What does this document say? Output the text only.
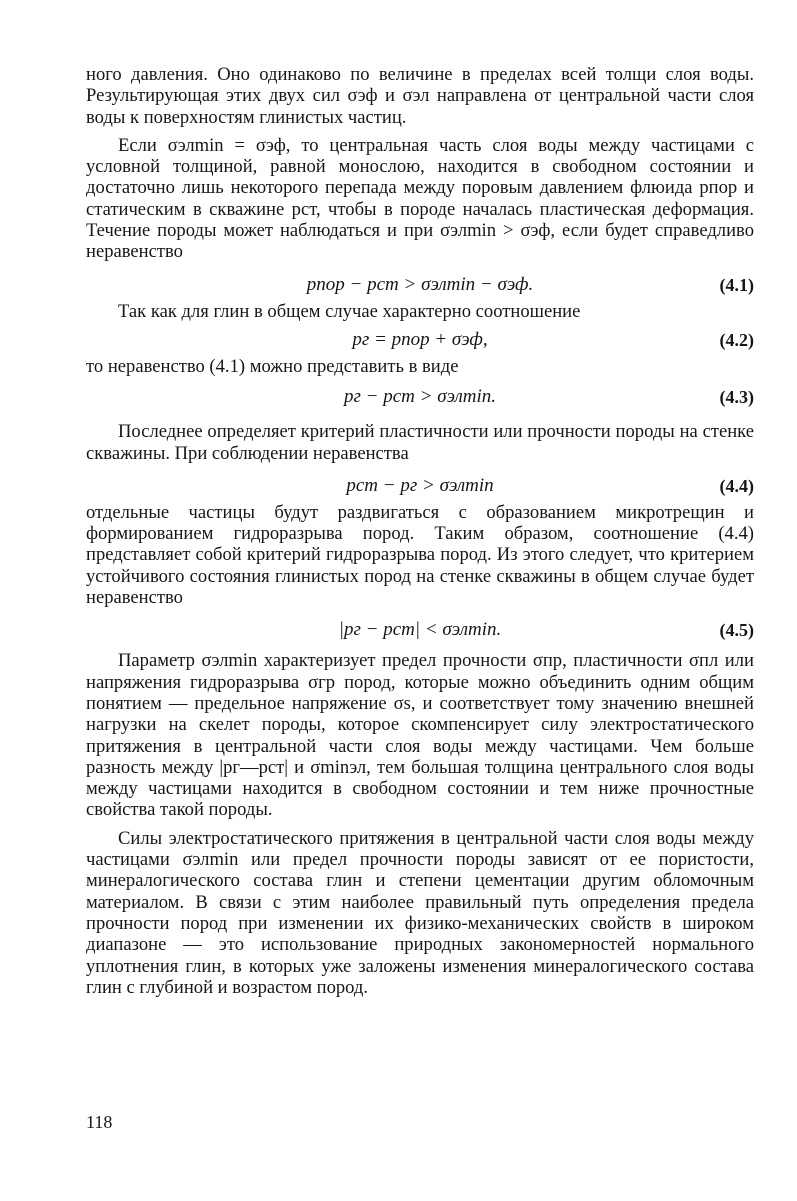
ного давления. Оно одинаково по величине в пределах всей толщи слоя воды. Результирующая этих двух сил σэф и σэл направлена от центральной части слоя воды к поверхностям глинистых частиц.

Если σэлmin = σэф, то центральная часть слоя воды между частицами с условной толщиной, равной монослою, находится в свободном состоянии и достаточно лишь некоторого перепада между поровым давлением флюида pпор и статическим в скважине pст, чтобы в породе началась пластическая деформация. Течение породы может наблюдаться и при σэлmin > σэф, если будет справедливо неравенство

pпор − pст > σэлmin − σэф.	(4.1)

Так как для глин в общем случае характерно соотношение

pг = pпор + σэф,	(4.2)

то неравенство (4.1) можно представить в виде

pг − pст > σэлmin.	(4.3)

Последнее определяет критерий пластичности или прочности породы на стенке скважины. При соблюдении неравенства

pст − pг > σэлmin	(4.4)

отдельные частицы будут раздвигаться с образованием микротрещин и формированием гидроразрыва пород. Таким образом, соотношение (4.4) представляет собой критерий гидроразрыва пород. Из этого следует, что критерием устойчивого состояния глинистых пород на стенке скважины в общем случае будет неравенство

|pг − pст| < σэлmin.	(4.5)

Параметр σэлmin характеризует предел прочности σпр, пластичности σпл или напряжения гидроразрыва σгр пород, которые можно объединить одним общим понятием — предельное напряжение σs, и соответствует тому значению внешней нагрузки на скелет породы, которое скомпенсирует силу электростатического притяжения в центральной части слоя воды между частицами. Чем больше разность между |pг—pст| и σminэл, тем большая толщина центрального слоя воды между частицами находится в свободном состоянии и тем ниже прочностные свойства такой породы.

Силы электростатического притяжения в центральной части слоя воды между частицами σэлmin или предел прочности породы зависят от ее пористости, минералогического состава глин и степени цементации другим обломочным материалом. В связи с этим наиболее правильный путь определения предела прочности пород при изменении их физико-механических свойств в широком диапазоне — это использование природных закономерностей нормального уплотнения глин, в которых уже заложены изменения минералогического состава глин с глубиной и возрастом пород.

118
